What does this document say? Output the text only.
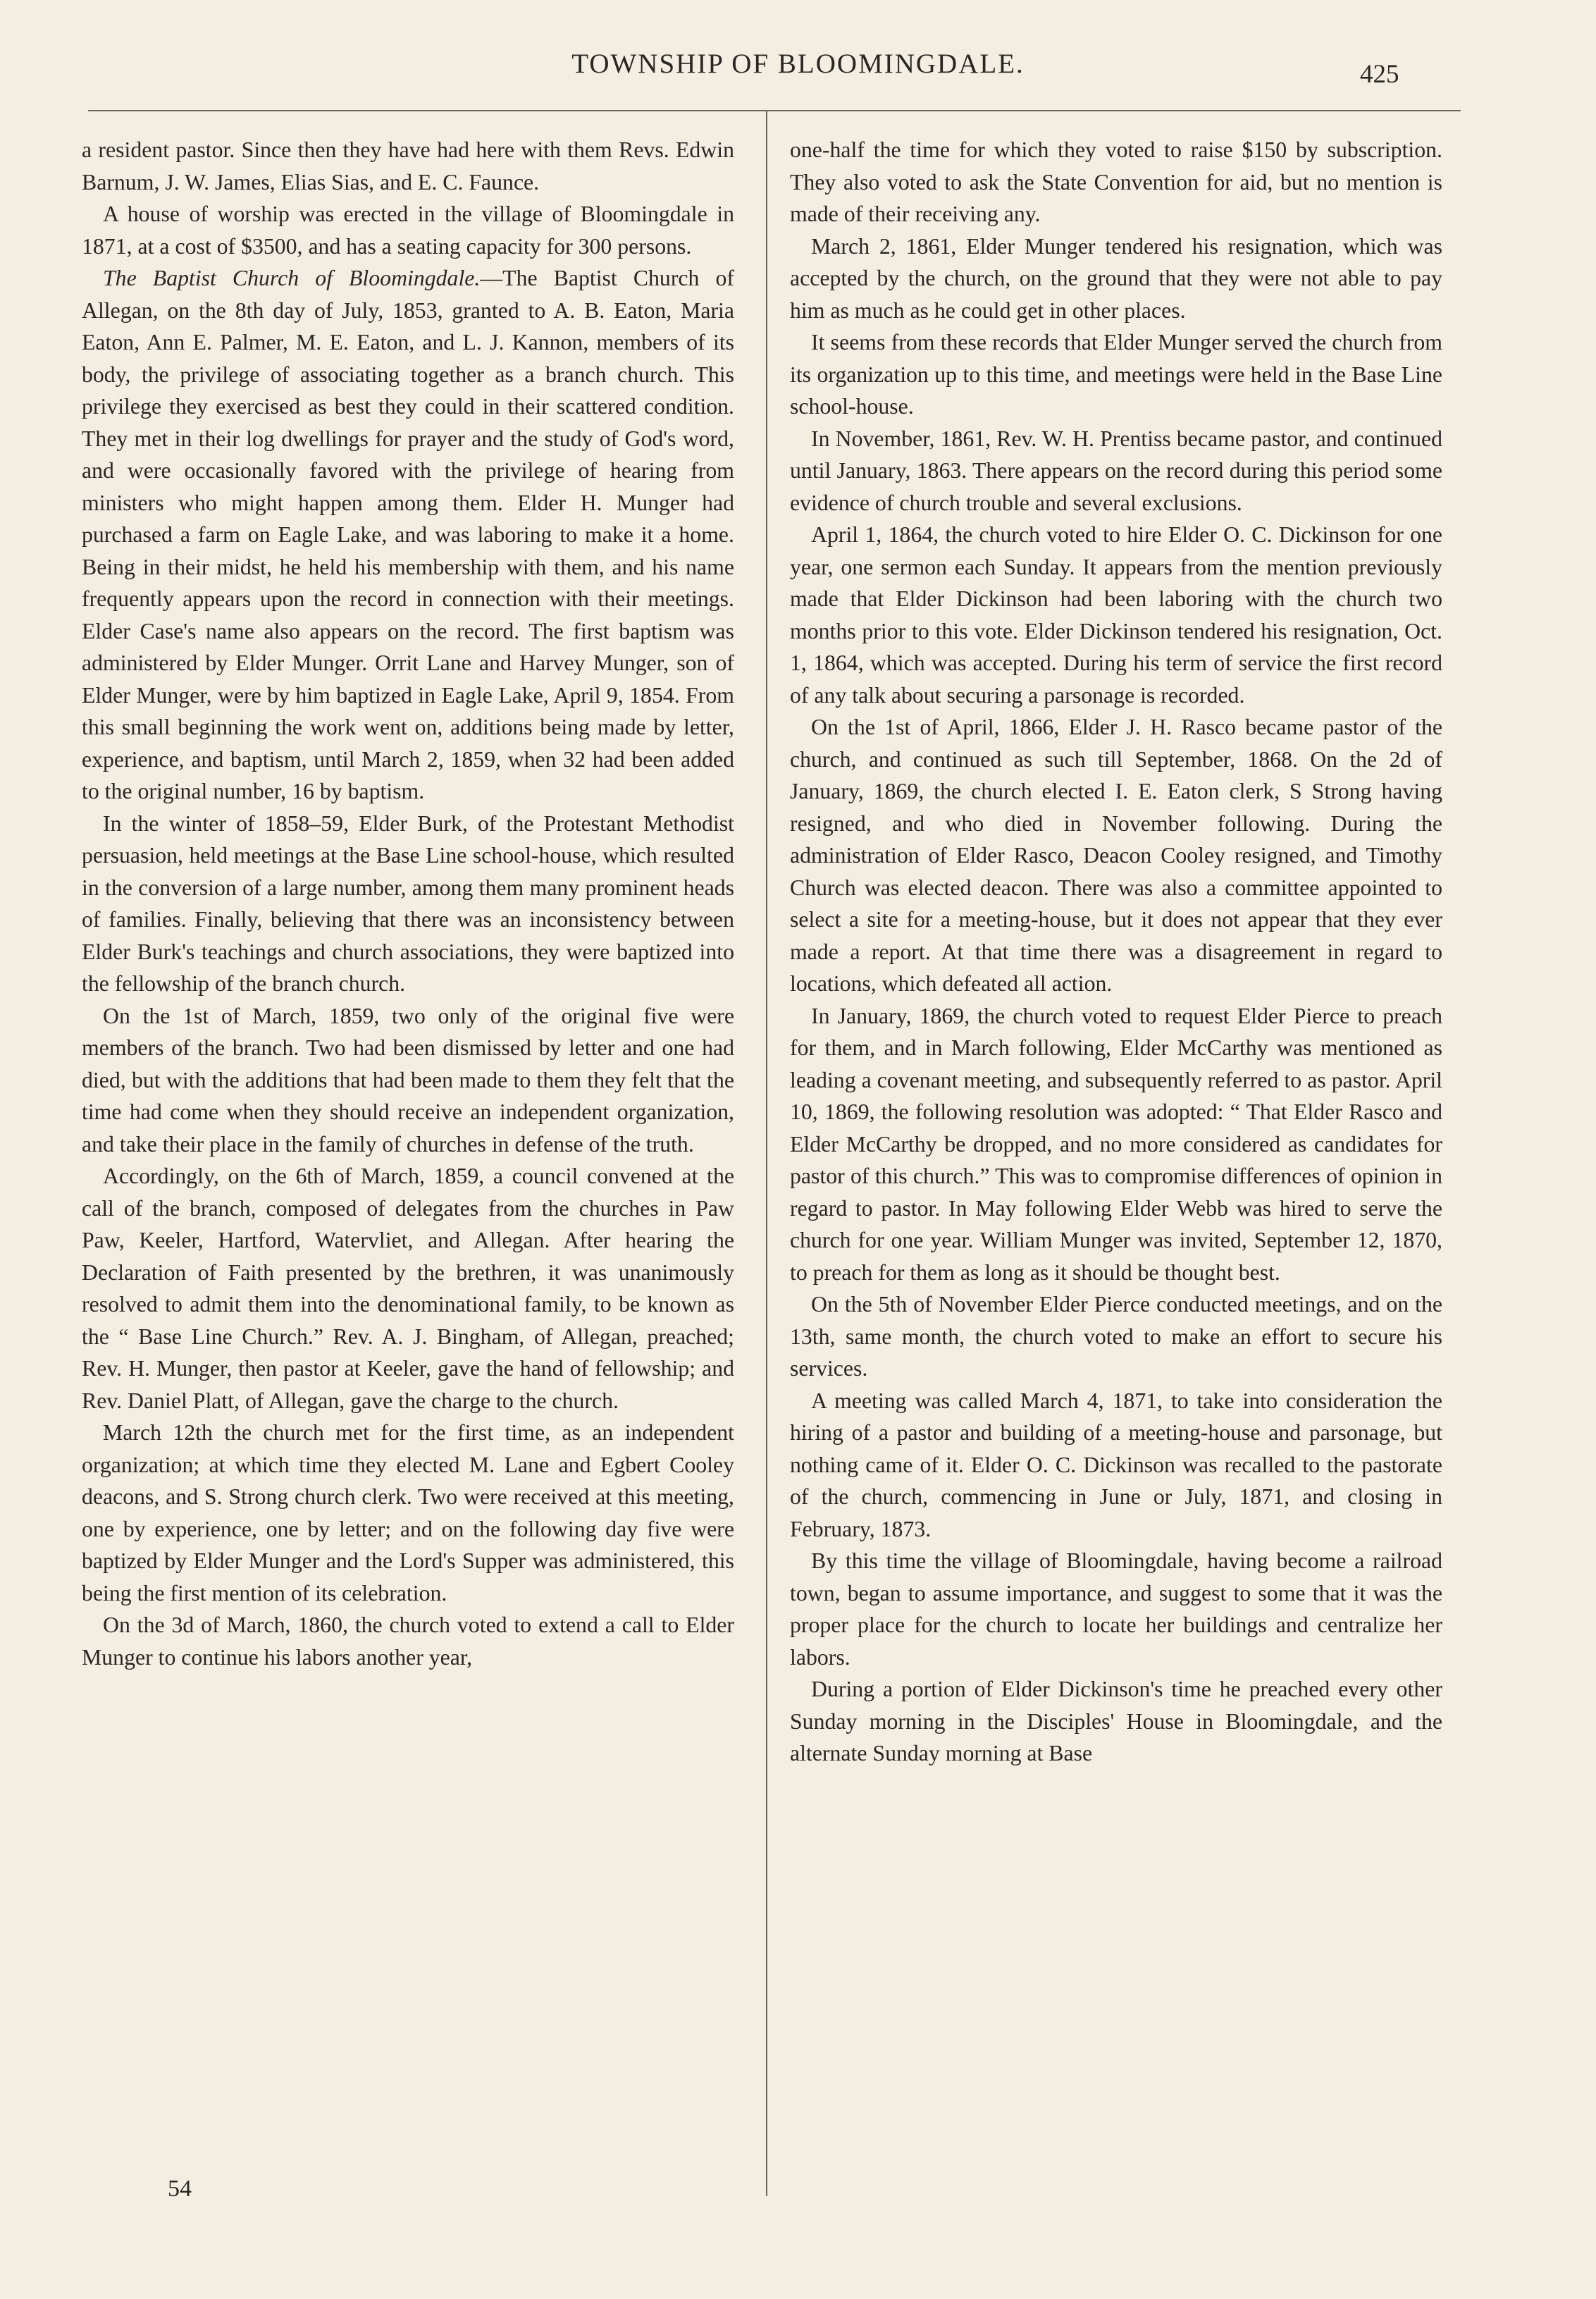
TOWNSHIP OF BLOOMINGDALE.	425

a resident pastor. Since then they have had here with them Revs. Edwin Barnum, J. W. James, Elias Sias, and E. C. Faunce.

A house of worship was erected in the village of Bloomingdale in 1871, at a cost of $3500, and has a seating capacity for 300 persons.

The Baptist Church of Bloomingdale.—The Baptist Church of Allegan, on the 8th day of July, 1853, granted to A. B. Eaton, Maria Eaton, Ann E. Palmer, M. E. Eaton, and L. J. Kannon, members of its body, the privilege of associating together as a branch church. This privilege they exercised as best they could in their scattered condition. They met in their log dwellings for prayer and the study of God's word, and were occasionally favored with the privilege of hearing from ministers who might happen among them. Elder H. Munger had purchased a farm on Eagle Lake, and was laboring to make it a home. Being in their midst, he held his membership with them, and his name frequently appears upon the record in connection with their meetings. Elder Case's name also appears on the record. The first baptism was administered by Elder Munger. Orrit Lane and Harvey Munger, son of Elder Munger, were by him baptized in Eagle Lake, April 9, 1854. From this small beginning the work went on, additions being made by letter, experience, and baptism, until March 2, 1859, when 32 had been added to the original number, 16 by baptism.

In the winter of 1858–59, Elder Burk, of the Protestant Methodist persuasion, held meetings at the Base Line school-house, which resulted in the conversion of a large number, among them many prominent heads of families. Finally, believing that there was an inconsistency between Elder Burk's teachings and church associations, they were baptized into the fellowship of the branch church.

On the 1st of March, 1859, two only of the original five were members of the branch. Two had been dismissed by letter and one had died, but with the additions that had been made to them they felt that the time had come when they should receive an independent organization, and take their place in the family of churches in defense of the truth.

Accordingly, on the 6th of March, 1859, a council convened at the call of the branch, composed of delegates from the churches in Paw Paw, Keeler, Hartford, Watervliet, and Allegan. After hearing the Declaration of Faith presented by the brethren, it was unanimously resolved to admit them into the denominational family, to be known as the “ Base Line Church.” Rev. A. J. Bingham, of Allegan, preached; Rev. H. Munger, then pastor at Keeler, gave the hand of fellowship; and Rev. Daniel Platt, of Allegan, gave the charge to the church.

March 12th the church met for the first time, as an independent organization; at which time they elected M. Lane and Egbert Cooley deacons, and S. Strong church clerk. Two were received at this meeting, one by experience, one by letter; and on the following day five were baptized by Elder Munger and the Lord's Supper was administered, this being the first mention of its celebration.

On the 3d of March, 1860, the church voted to extend a call to Elder Munger to continue his labors another year,

one-half the time for which they voted to raise $150 by subscription. They also voted to ask the State Convention for aid, but no mention is made of their receiving any.

March 2, 1861, Elder Munger tendered his resignation, which was accepted by the church, on the ground that they were not able to pay him as much as he could get in other places.

It seems from these records that Elder Munger served the church from its organization up to this time, and meetings were held in the Base Line school-house.

In November, 1861, Rev. W. H. Prentiss became pastor, and continued until January, 1863. There appears on the record during this period some evidence of church trouble and several exclusions.

April 1, 1864, the church voted to hire Elder O. C. Dickinson for one year, one sermon each Sunday. It appears from the mention previously made that Elder Dickinson had been laboring with the church two months prior to this vote. Elder Dickinson tendered his resignation, Oct. 1, 1864, which was accepted. During his term of service the first record of any talk about securing a parsonage is recorded.

On the 1st of April, 1866, Elder J. H. Rasco became pastor of the church, and continued as such till September, 1868. On the 2d of January, 1869, the church elected I. E. Eaton clerk, S Strong having resigned, and who died in November following. During the administration of Elder Rasco, Deacon Cooley resigned, and Timothy Church was elected deacon. There was also a committee appointed to select a site for a meeting-house, but it does not appear that they ever made a report. At that time there was a disagreement in regard to locations, which defeated all action.

In January, 1869, the church voted to request Elder Pierce to preach for them, and in March following, Elder McCarthy was mentioned as leading a covenant meeting, and subsequently referred to as pastor. April 10, 1869, the following resolution was adopted: “ That Elder Rasco and Elder McCarthy be dropped, and no more considered as candidates for pastor of this church.” This was to compromise differences of opinion in regard to pastor. In May following Elder Webb was hired to serve the church for one year. William Munger was invited, September 12, 1870, to preach for them as long as it should be thought best.

On the 5th of November Elder Pierce conducted meetings, and on the 13th, same month, the church voted to make an effort to secure his services.

A meeting was called March 4, 1871, to take into consideration the hiring of a pastor and building of a meeting-house and parsonage, but nothing came of it. Elder O. C. Dickinson was recalled to the pastorate of the church, commencing in June or July, 1871, and closing in February, 1873.

By this time the village of Bloomingdale, having become a railroad town, began to assume importance, and suggest to some that it was the proper place for the church to locate her buildings and centralize her labors.

During a portion of Elder Dickinson's time he preached every other Sunday morning in the Disciples' House in Bloomingdale, and the alternate Sunday morning at Base

54
